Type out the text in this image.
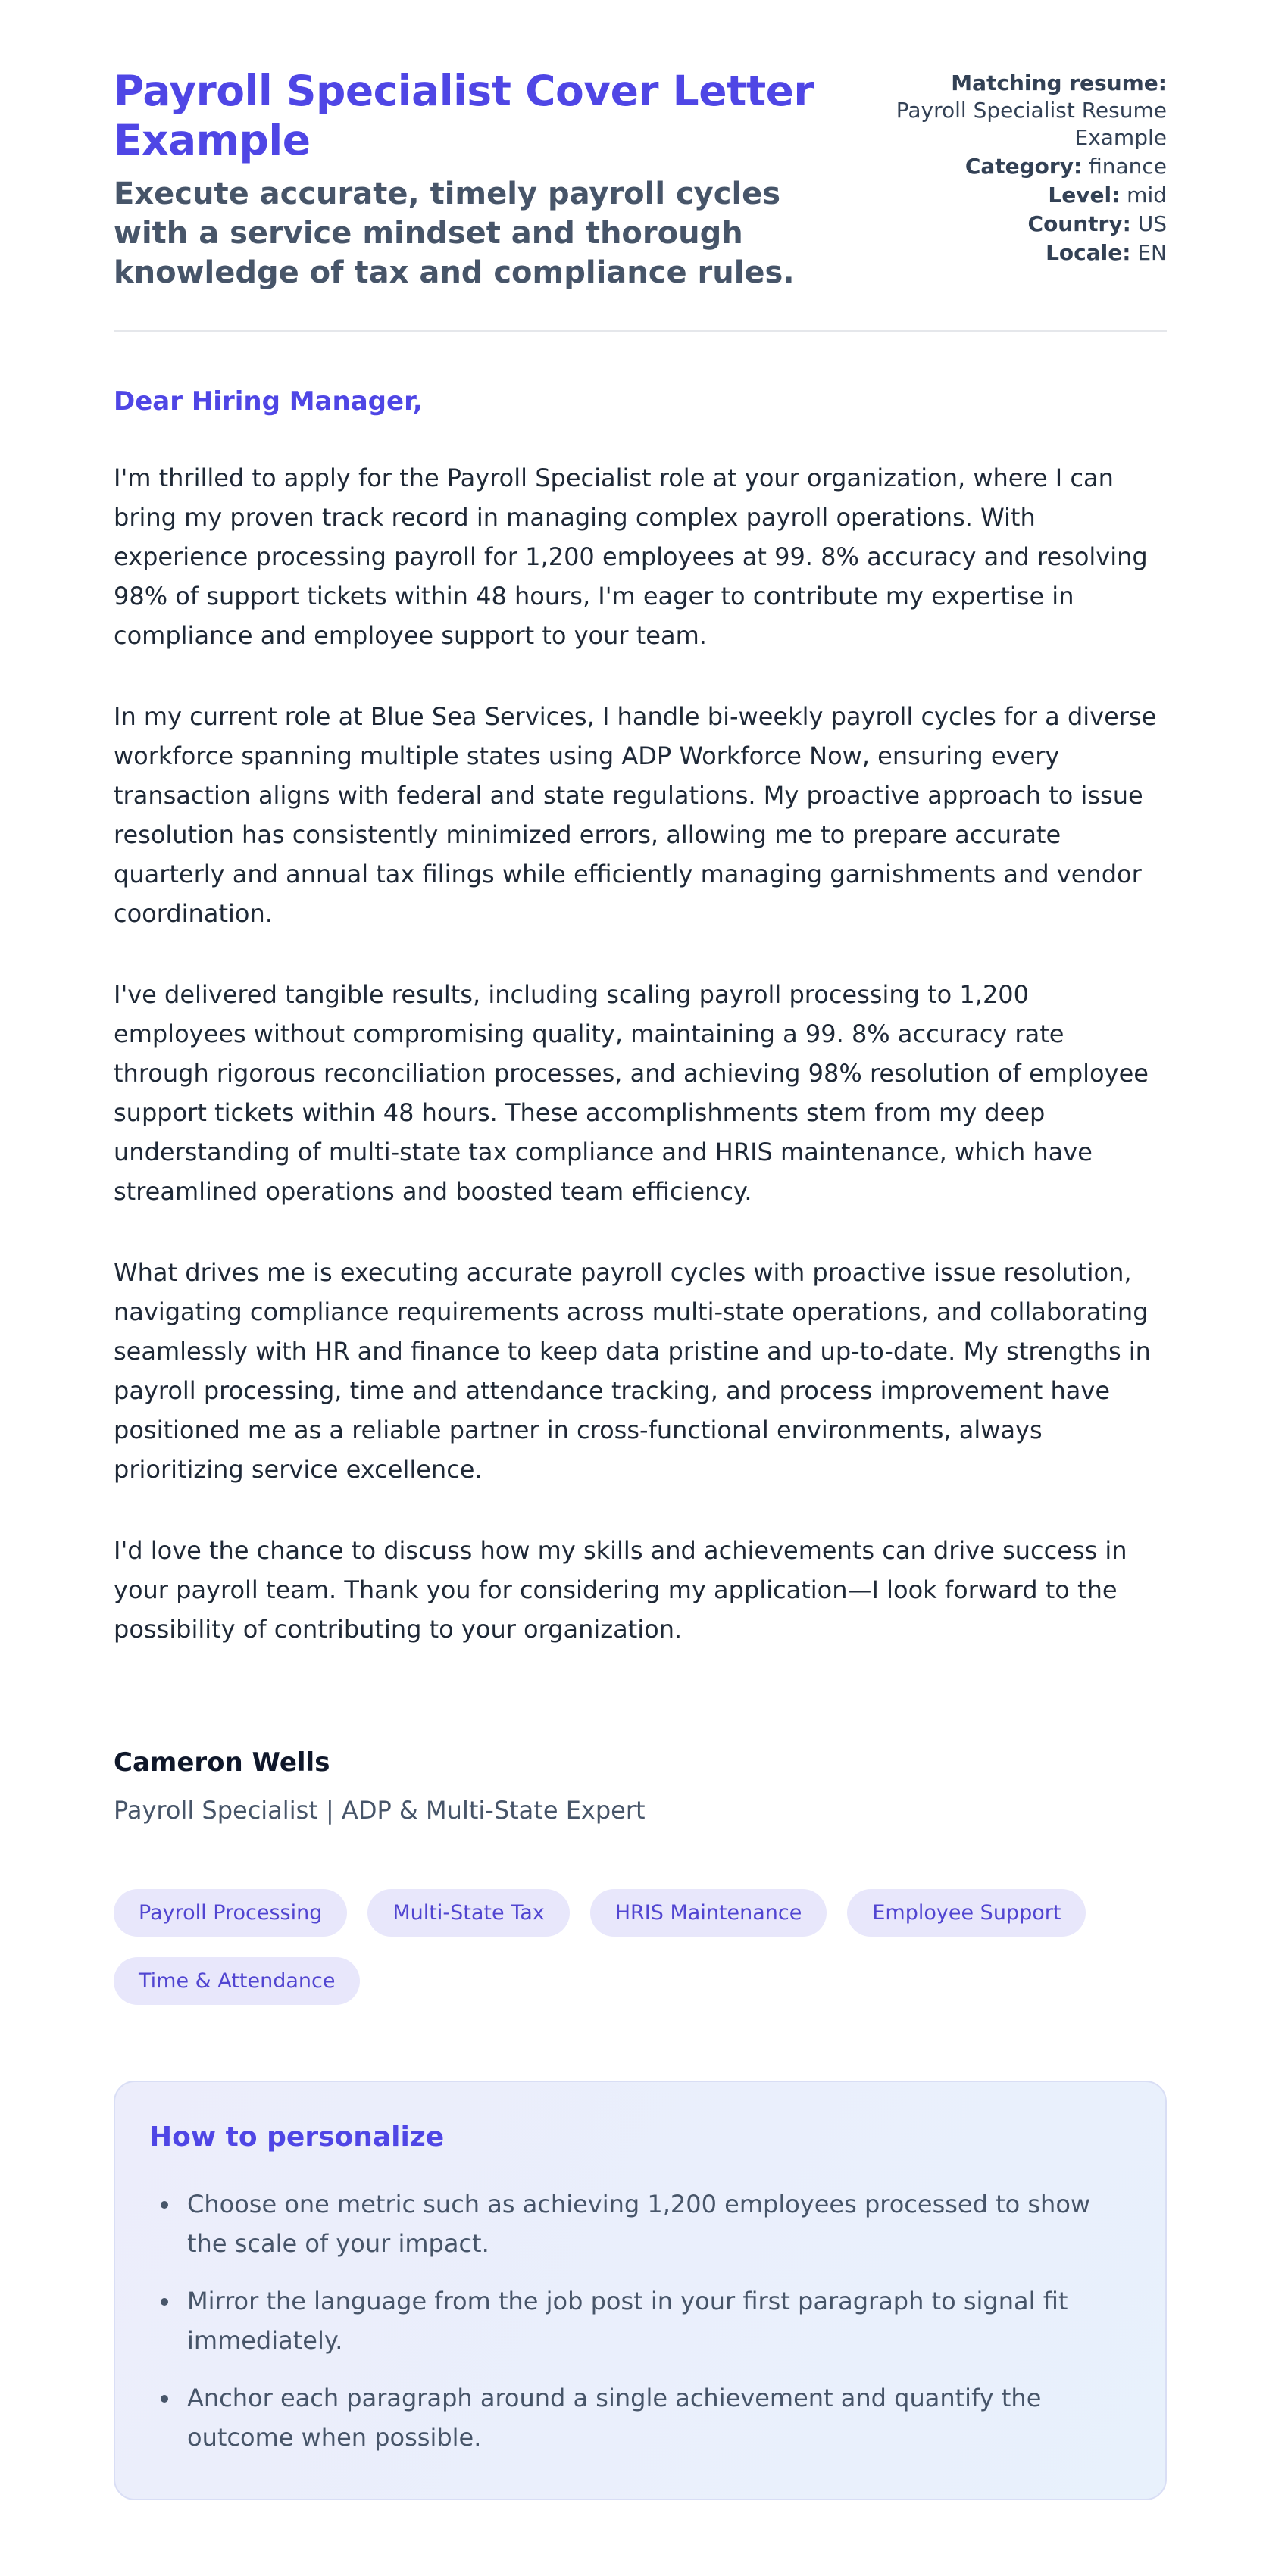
Payroll Specialist Cover Letter Example

Execute accurate, timely payroll cycles with a service mindset and thorough knowledge of tax and compliance rules.

Matching resume:
Payroll Specialist Resume Example
Category: finance
Level: mid
Country: US
Locale: EN

Dear Hiring Manager,

I'm thrilled to apply for the Payroll Specialist role at your organization, where I can bring my proven track record in managing complex payroll operations. With experience processing payroll for 1,200 employees at 99. 8% accuracy and resolving 98% of support tickets within 48 hours, I'm eager to contribute my expertise in compliance and employee support to your team.

In my current role at Blue Sea Services, I handle bi-weekly payroll cycles for a diverse workforce spanning multiple states using ADP Workforce Now, ensuring every transaction aligns with federal and state regulations. My proactive approach to issue resolution has consistently minimized errors, allowing me to prepare accurate quarterly and annual tax filings while efficiently managing garnishments and vendor coordination.

I've delivered tangible results, including scaling payroll processing to 1,200 employees without compromising quality, maintaining a 99. 8% accuracy rate through rigorous reconciliation processes, and achieving 98% resolution of employee support tickets within 48 hours. These accomplishments stem from my deep understanding of multi-state tax compliance and HRIS maintenance, which have streamlined operations and boosted team efficiency.

What drives me is executing accurate payroll cycles with proactive issue resolution, navigating compliance requirements across multi-state operations, and collaborating seamlessly with HR and finance to keep data pristine and up-to-date. My strengths in payroll processing, time and attendance tracking, and process improvement have positioned me as a reliable partner in cross-functional environments, always prioritizing service excellence.

I'd love the chance to discuss how my skills and achievements can drive success in your payroll team. Thank you for considering my application—I look forward to the possibility of contributing to your organization.

Cameron Wells

Payroll Specialist | ADP & Multi-State Expert

Payroll Processing	Multi-State Tax	HRIS Maintenance	Employee Support
Time & Attendance
How to personalize
• Choose one metric such as achieving 1,200 employees processed to show the scale of your impact.
• Mirror the language from the job post in your first paragraph to signal fit immediately.
• Anchor each paragraph around a single achievement and quantify the outcome when possible.
